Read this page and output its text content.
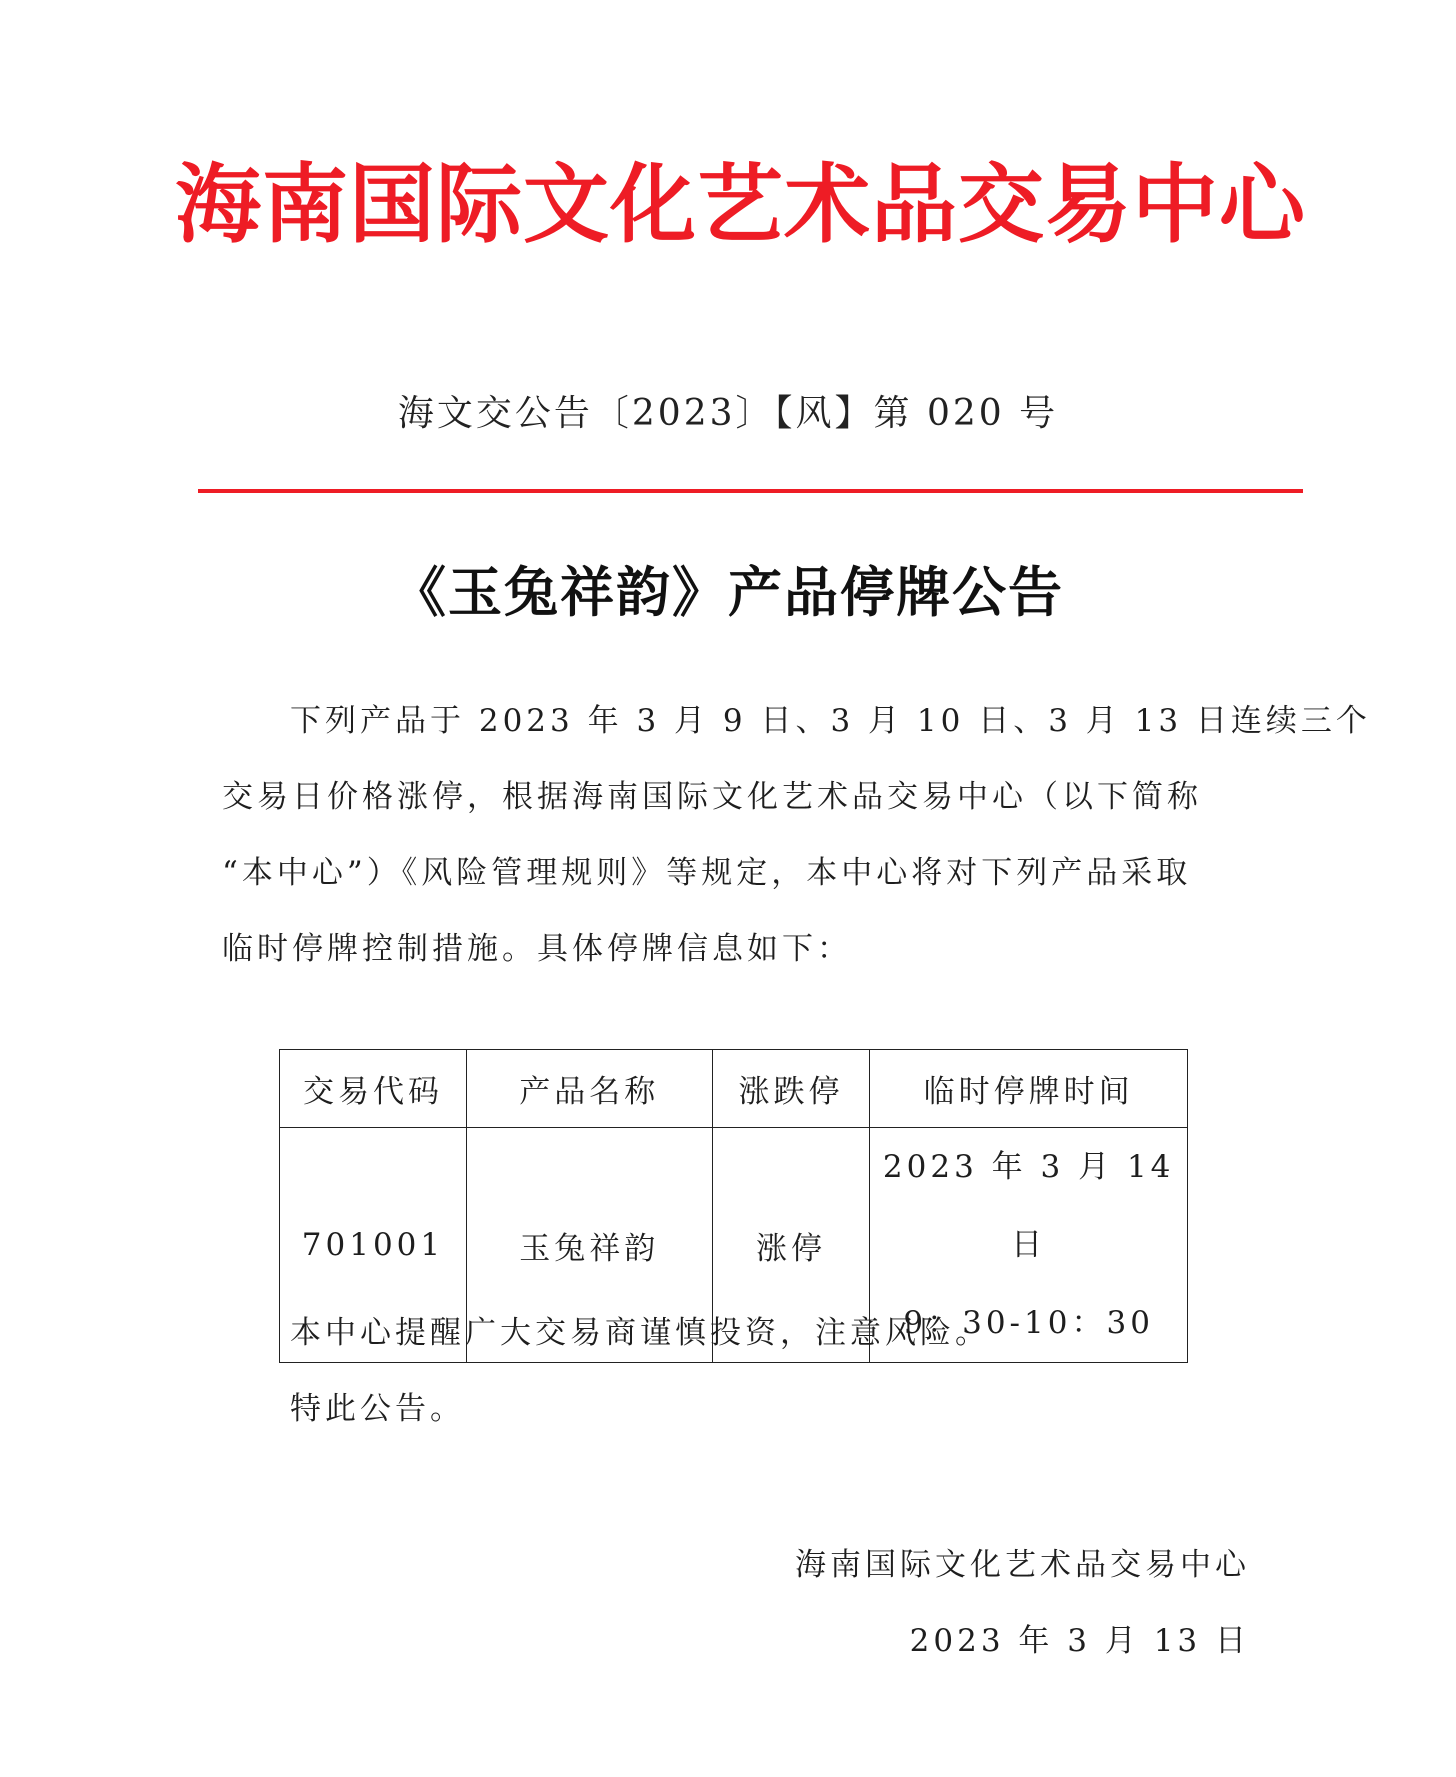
海 南 国 际 文 化 艺 术 品 交 易 中 心
海文交公告〔2023〕【风】第 020 号
《玉兔祥韵》产品停牌公告
下列产品于 2023 年 3 月 9 日、3 月 10 日、3 月 13 日连续三个
交易日价格涨停，根据海南国际文化艺术品交易中心（以下简称
“本中心”）《风险管理规则》等规定，本中心将对下列产品采取
临时停牌控制措施。具体停牌信息如下：
交易代码	产品名称	涨跌停	临时停牌时间
701001	玉兔祥韵	涨停	2023 年 3 月 14 日
9：30-10：30
本中心提醒广大交易商谨慎投资，注意风险。
特此公告。
海南国际文化艺术品交易中心
2023 年 3 月 13 日
